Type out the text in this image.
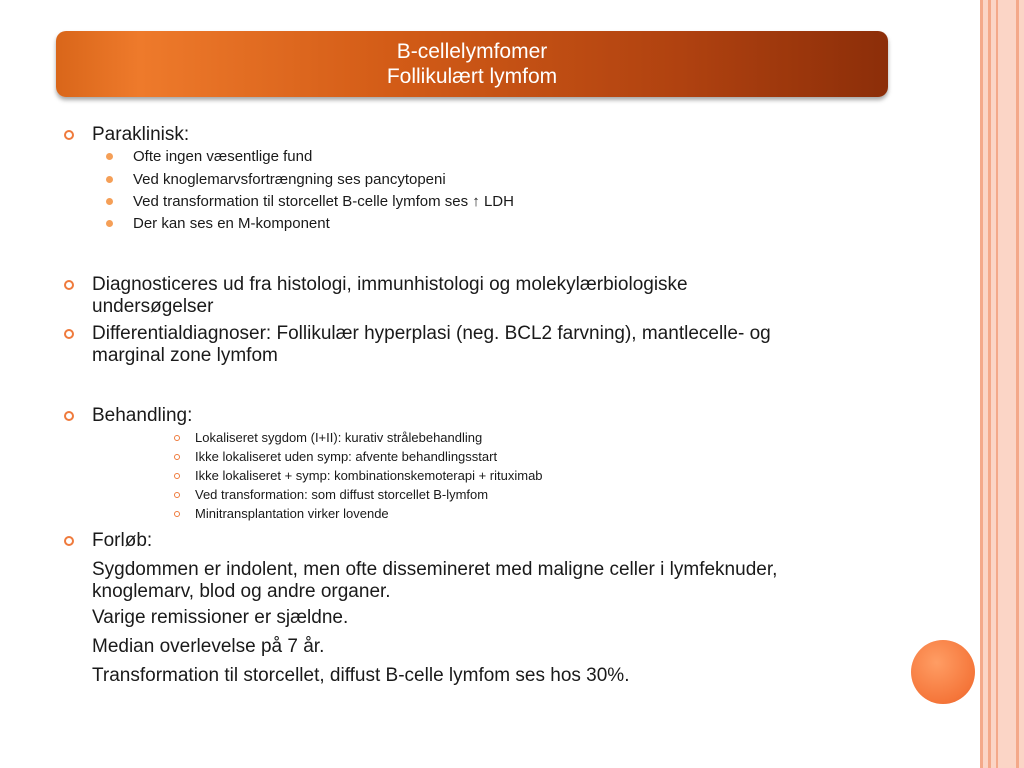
B-cellelymfomer
Follikulært lymfom
Paraklinisk:
Ofte ingen væsentlige fund
Ved knoglemarvsfortrængning ses pancytopeni
Ved transformation til storcellet B-celle lymfom ses ↑ LDH
Der kan ses en M-komponent
Diagnosticeres ud fra histologi, immunhistologi og molekylærbiologiske
undersøgelser
Differentialdiagnoser: Follikulær hyperplasi (neg. BCL2 farvning), mantlecelle- og
marginal zone lymfom
Behandling:
Lokaliseret sygdom (I+II): kurativ strålebehandling
Ikke lokaliseret uden symp: afvente behandlingsstart
Ikke lokaliseret + symp: kombinationskemoterapi + rituximab
Ved transformation: som diffust storcellet B-lymfom
Minitransplantation virker lovende
Forløb:
Sygdommen er indolent, men ofte dissemineret med maligne celler i lymfeknuder,
knoglemarv, blod og andre organer.
Varige remissioner er sjældne.
Median overlevelse på 7 år.
Transformation til storcellet, diffust B-celle lymfom ses hos 30%.
